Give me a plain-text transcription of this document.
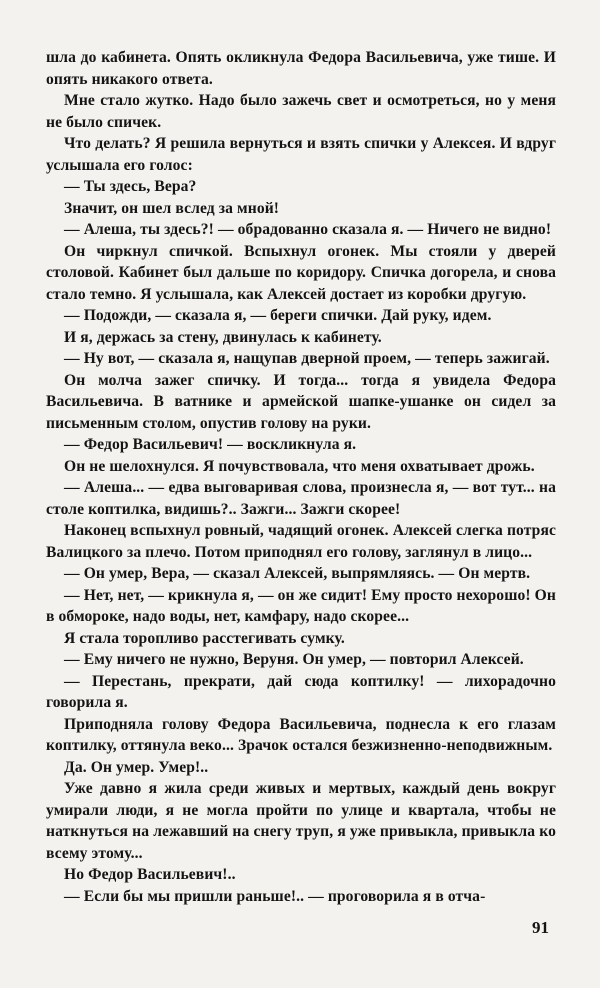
шла до кабинета. Опять окликнула Федора Васильевича, уже тише. И опять никакого ответа.

Мне стало жутко. Надо было зажечь свет и осмотреться, но у меня не было спичек.

Что делать? Я решила вернуться и взять спички у Алексея. И вдруг услышала его голос:

— Ты здесь, Вера?

Значит, он шел вслед за мной!

— Алеша, ты здесь?! — обрадованно сказала я. — Ничего не видно!

Он чиркнул спичкой. Вспыхнул огонек. Мы стояли у дверей столовой. Кабинет был дальше по коридору. Спичка догорела, и снова стало темно. Я услышала, как Алексей достает из коробки другую.

— Подожди, — сказала я, — береги спички. Дай руку, идем.

И я, держась за стену, двинулась к кабинету.

— Ну вот, — сказала я, нащупав дверной проем, — теперь зажигай.

Он молча зажег спичку. И тогда... тогда я увидела Федора Васильевича. В ватнике и армейской шапке-ушанке он сидел за письменным столом, опустив голову на руки.

— Федор Васильевич! — воскликнула я.

Он не шелохнулся. Я почувствовала, что меня охватывает дрожь.

— Алеша... — едва выговаривая слова, произнесла я, — вот тут... на столе коптилка, видишь?.. Зажги... Зажги скорее!

Наконец вспыхнул ровный, чадящий огонек. Алексей слегка потряс Валицкого за плечо. Потом приподнял его голову, заглянул в лицо...

— Он умер, Вера, — сказал Алексей, выпрямляясь. — Он мертв.

— Нет, нет, — крикнула я, — он же сидит! Ему просто нехорошо! Он в обмороке, надо воды, нет, камфару, надо скорее...

Я стала торопливо расстегивать сумку.

— Ему ничего не нужно, Веруня. Он умер, — повторил Алексей.

— Перестань, прекрати, дай сюда коптилку! — лихорадочно говорила я.

Приподняла голову Федора Васильевича, поднесла к его глазам коптилку, оттянула веко... Зрачок остался безжизненно-неподвижным.

Да. Он умер. Умер!..

Уже давно я жила среди живых и мертвых, каждый день вокруг умирали люди, я не могла пройти по улице и квартала, чтобы не наткнуться на лежавший на снегу труп, я уже привыкла, привыкла ко всему этому...

Но Федор Васильевич!..

— Если бы мы пришли раньше!.. — проговорила я в отча-

91
